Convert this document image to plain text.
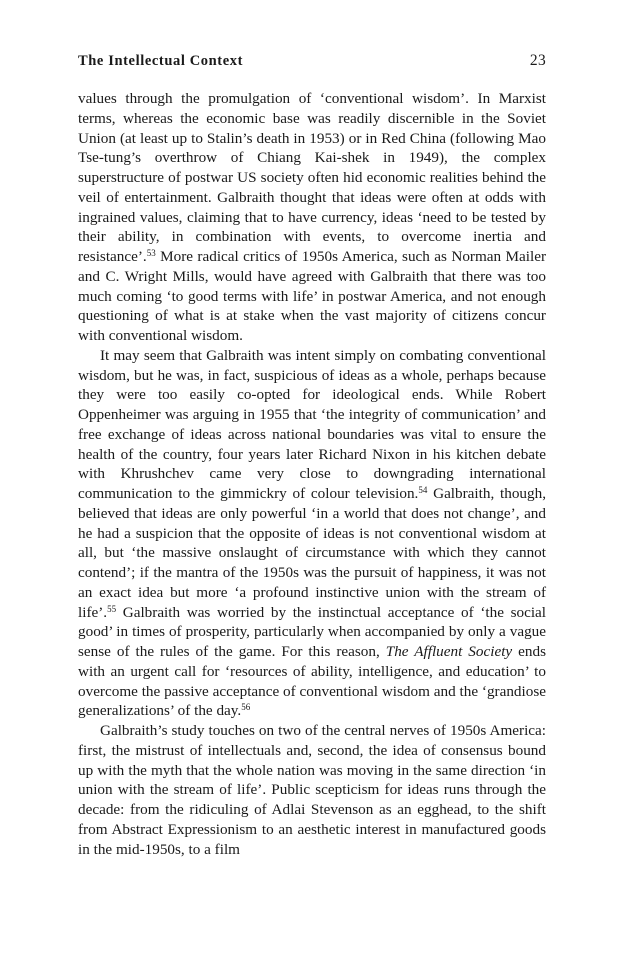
The Intellectual Context	23

values through the promulgation of ‘conventional wisdom’. In Marxist terms, whereas the economic base was readily discernible in the Soviet Union (at least up to Stalin’s death in 1953) or in Red China (following Mao Tse-tung’s overthrow of Chiang Kai-shek in 1949), the complex superstructure of postwar US society often hid economic realities behind the veil of entertainment. Galbraith thought that ideas were often at odds with ingrained values, claiming that to have currency, ideas ‘need to be tested by their ability, in combination with events, to overcome inertia and resistance’.$^{53}$ More radical critics of 1950s America, such as Norman Mailer and C. Wright Mills, would have agreed with Galbraith that there was too much coming ‘to good terms with life’ in postwar America, and not enough questioning of what is at stake when the vast majority of citizens concur with conventional wisdom.

It may seem that Galbraith was intent simply on combating conventional wisdom, but he was, in fact, suspicious of ideas as a whole, perhaps because they were too easily co-opted for ideological ends. While Robert Oppenheimer was arguing in 1955 that ‘the integrity of communication’ and free exchange of ideas across national boundaries was vital to ensure the health of the country, four years later Richard Nixon in his kitchen debate with Khrushchev came very close to downgrading international communication to the gimmickry of colour television.$^{54}$ Galbraith, though, believed that ideas are only powerful ‘in a world that does not change’, and he had a suspicion that the opposite of ideas is not conventional wisdom at all, but ‘the massive onslaught of circumstance with which they cannot contend’; if the mantra of the 1950s was the pursuit of happiness, it was not an exact idea but more ‘a profound instinctive union with the stream of life’.$^{55}$ Galbraith was worried by the instinctual acceptance of ‘the social good’ in times of prosperity, particularly when accompanied by only a vague sense of the rules of the game. For this reason, The Affluent Society ends with an urgent call for ‘resources of ability, intelligence, and education’ to overcome the passive acceptance of conventional wisdom and the ‘grandiose generalizations’ of the day.$^{56}$

Galbraith’s study touches on two of the central nerves of 1950s America: first, the mistrust of intellectuals and, second, the idea of consensus bound up with the myth that the whole nation was moving in the same direction ‘in union with the stream of life’. Public scepticism for ideas runs through the decade: from the ridiculing of Adlai Stevenson as an egghead, to the shift from Abstract Expressionism to an aesthetic interest in manufactured goods in the mid-1950s, to a film
